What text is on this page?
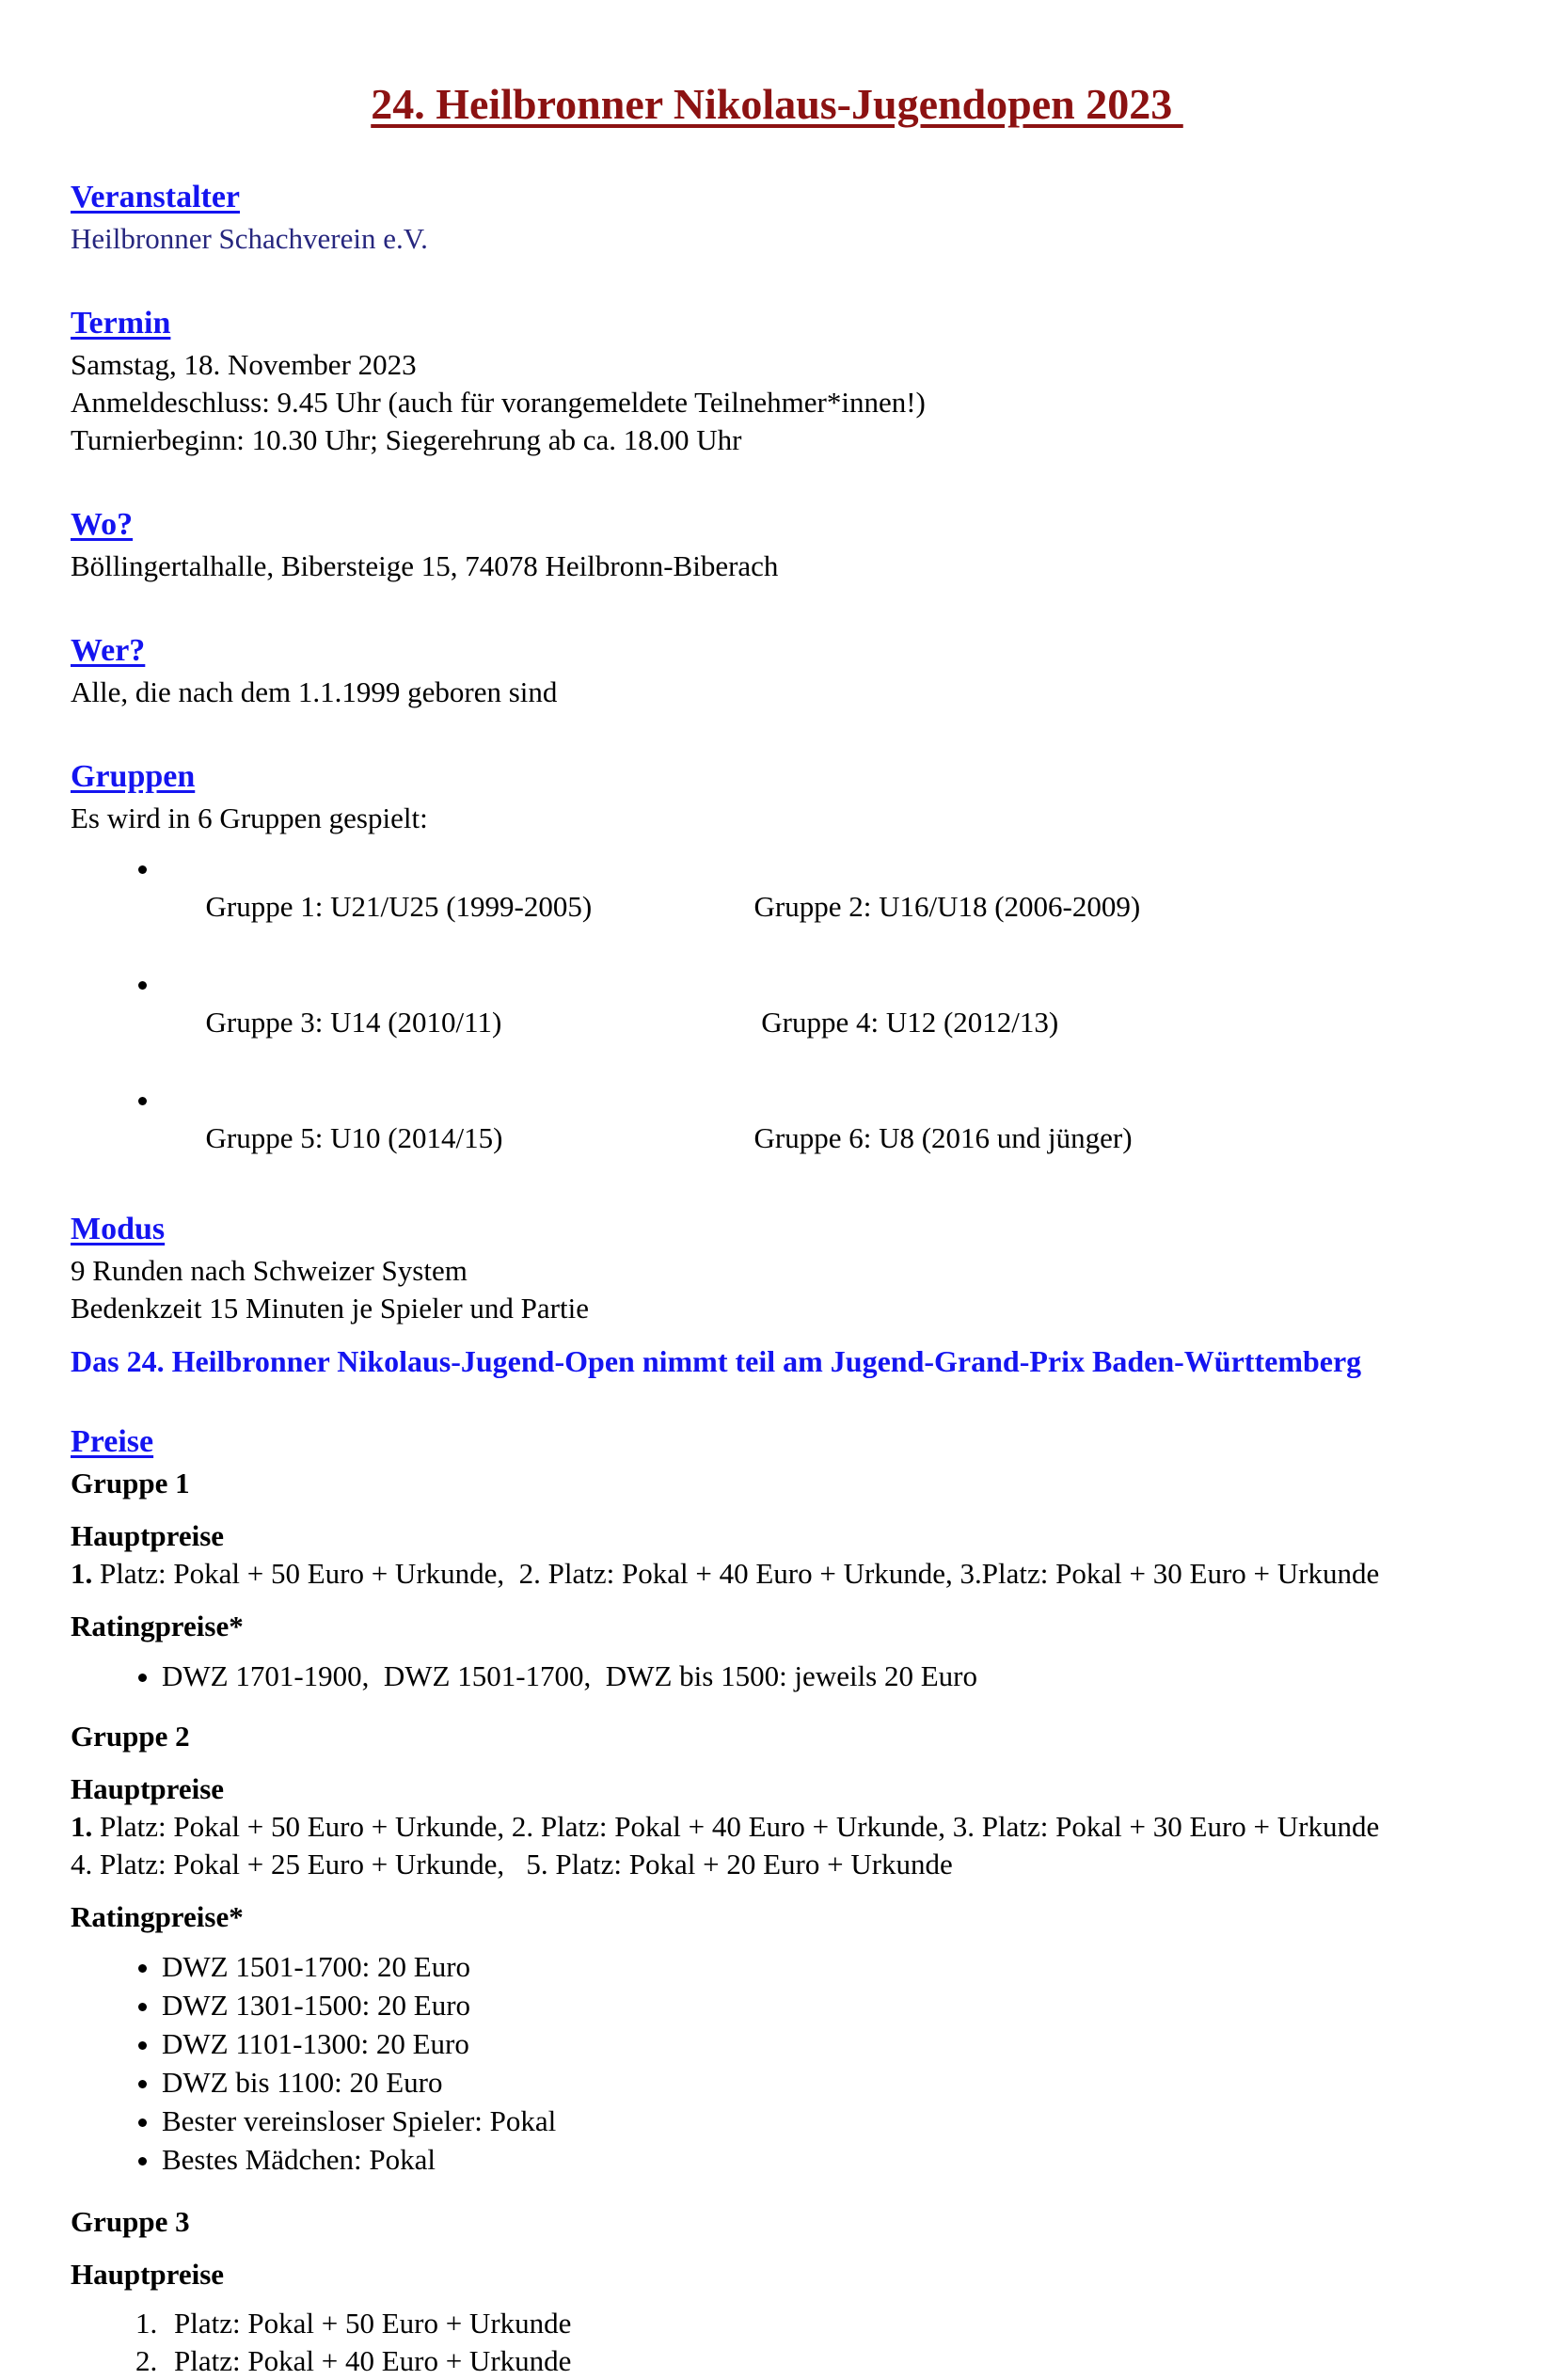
24. Heilbronner Nikolaus-Jugendopen 2023
Veranstalter

Heilbronner Schachverein e.V.

Termin

Samstag, 18. November 2023

Anmeldeschluss: 9.45 Uhr (auch für vorangemeldete Teilnehmer*innen!)

Turnierbeginn: 10.30 Uhr; Siegerehrung ab ca. 18.00 Uhr

Wo?

Böllingertalhalle, Bibersteige 15, 74078 Heilbronn-Biberach

Wer?

Alle, die nach dem 1.1.1999 geboren sind

Gruppen

Es wird in 6 Gruppen gespielt:

• Gruppe 1: U21/U25 (1999-2005)	Gruppe 2: U16/U18 (2006-2009)

• Gruppe 3: U14 (2010/11)	Gruppe 4: U12 (2012/13)

• Gruppe 5: U10 (2014/15)	Gruppe 6: U8 (2016 und jünger)

Modus

9 Runden nach Schweizer System

Bedenkzeit 15 Minuten je Spieler und Partie

Das 24. Heilbronner Nikolaus-Jugend-Open nimmt teil am Jugend-Grand-Prix Baden-Württemberg

Preise

Gruppe 1

Hauptpreise

1. Platz: Pokal + 50 Euro + Urkunde,  2. Platz: Pokal + 40 Euro + Urkunde, 3.Platz: Pokal + 30 Euro + Urkunde

Ratingpreise*

• DWZ 1701-1900,  DWZ 1501-1700,  DWZ bis 1500: jeweils 20 Euro

Gruppe 2

Hauptpreise

1. Platz: Pokal + 50 Euro + Urkunde, 2. Platz: Pokal + 40 Euro + Urkunde, 3. Platz: Pokal + 30 Euro + Urkunde

4. Platz: Pokal + 25 Euro + Urkunde,   5. Platz: Pokal + 20 Euro + Urkunde

Ratingpreise*

• DWZ 1501-1700: 20 Euro
• DWZ 1301-1500: 20 Euro
• DWZ 1101-1300: 20 Euro
• DWZ bis 1100: 20 Euro
• Bester vereinsloser Spieler: Pokal
• Bestes Mädchen: Pokal

Gruppe 3

Hauptpreise

1. Platz: Pokal + 50 Euro + Urkunde
2. Platz: Pokal + 40 Euro + Urkunde
